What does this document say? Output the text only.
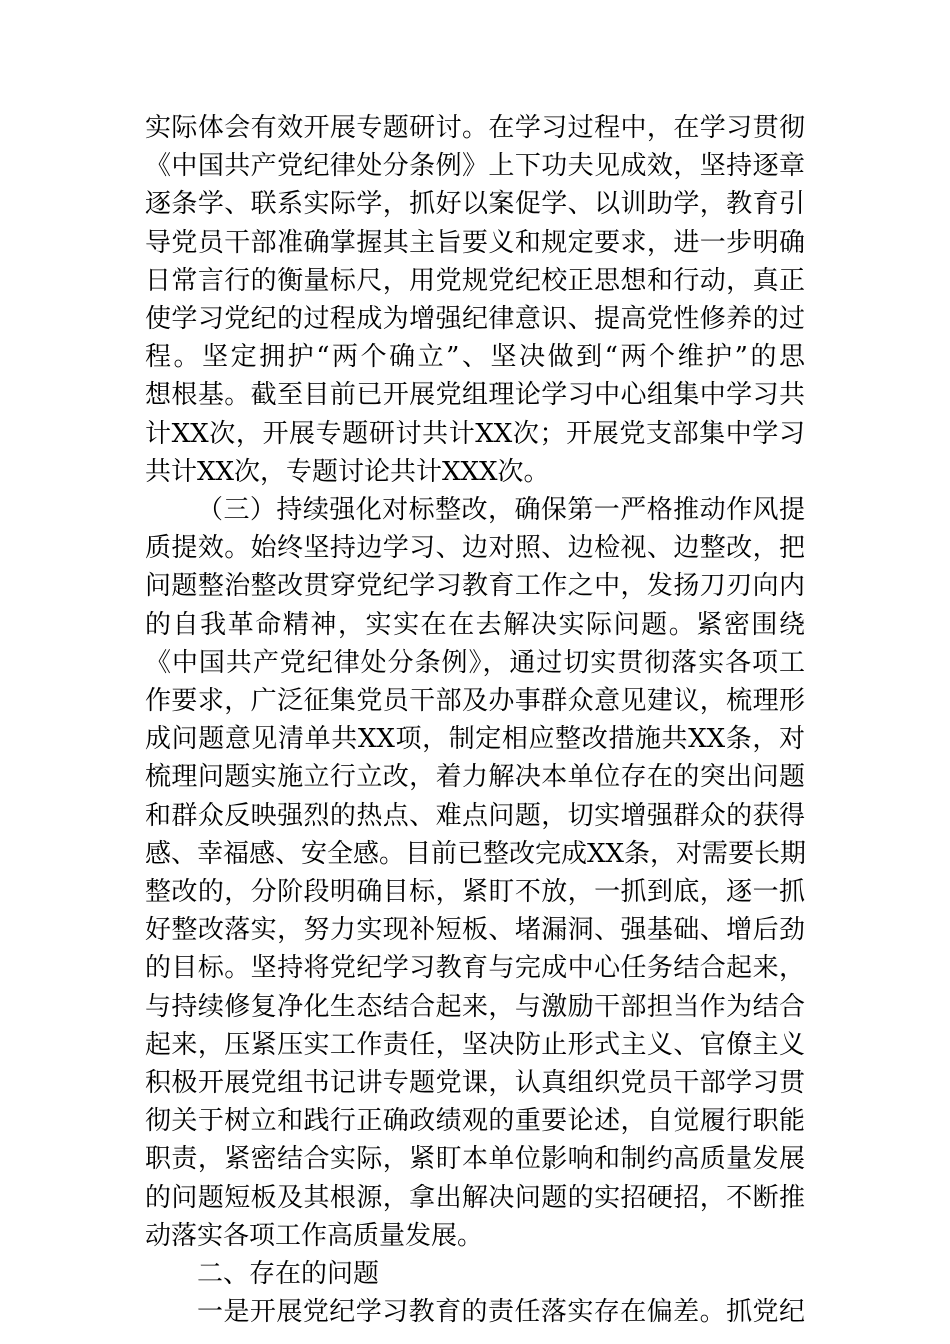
实际体会有效开展专题研讨。在学习过程中，在学习贯彻
《中国共产党纪律处分条例》上下功夫见成效，坚持逐章
逐条学、联系实际学，抓好以案促学、以训助学，教育引
导党员干部准确掌握其主旨要义和规定要求，进一步明确
日常言行的衡量标尺，用党规党纪校正思想和行动，真正
使学习党纪的过程成为增强纪律意识、提高党性修养的过
程。坚定拥护“两个确立”、坚决做到“两个维护”的思
想根基。截至目前已开展党组理论学习中心组集中学习共
计XX次，开展专题研讨共计XX次；开展党支部集中学习
共计XX次，专题讨论共计XXX次。
（三）持续强化对标整改，确保第一严格推动作风提
质提效。始终坚持边学习、边对照、边检视、边整改，把
问题整治整改贯穿党纪学习教育工作之中，发扬刀刃向内
的自我革命精神，实实在在去解决实际问题。紧密围绕
《中国共产党纪律处分条例》，通过切实贯彻落实各项工
作要求，广泛征集党员干部及办事群众意见建议，梳理形
成问题意见清单共XX项，制定相应整改措施共XX条，对
梳理问题实施立行立改，着力解决本单位存在的突出问题
和群众反映强烈的热点、难点问题，切实增强群众的获得
感、幸福感、安全感。目前已整改完成XX条，对需要长期
整改的，分阶段明确目标，紧盯不放，一抓到底，逐一抓
好整改落实，努力实现补短板、堵漏洞、强基础、增后劲
的目标。坚持将党纪学习教育与完成中心任务结合起来，
与持续修复净化生态结合起来，与激励干部担当作为结合
起来，压紧压实工作责任，坚决防止形式主义、官僚主义
积极开展党组书记讲专题党课，认真组织党员干部学习贯
彻关于树立和践行正确政绩观的重要论述，自觉履行职能
职责，紧密结合实际，紧盯本单位影响和制约高质量发展
的问题短板及其根源，拿出解决问题的实招硬招，不断推
动落实各项工作高质量发展。
二、存在的问题
一是开展党纪学习教育的责任落实存在偏差。抓党纪
